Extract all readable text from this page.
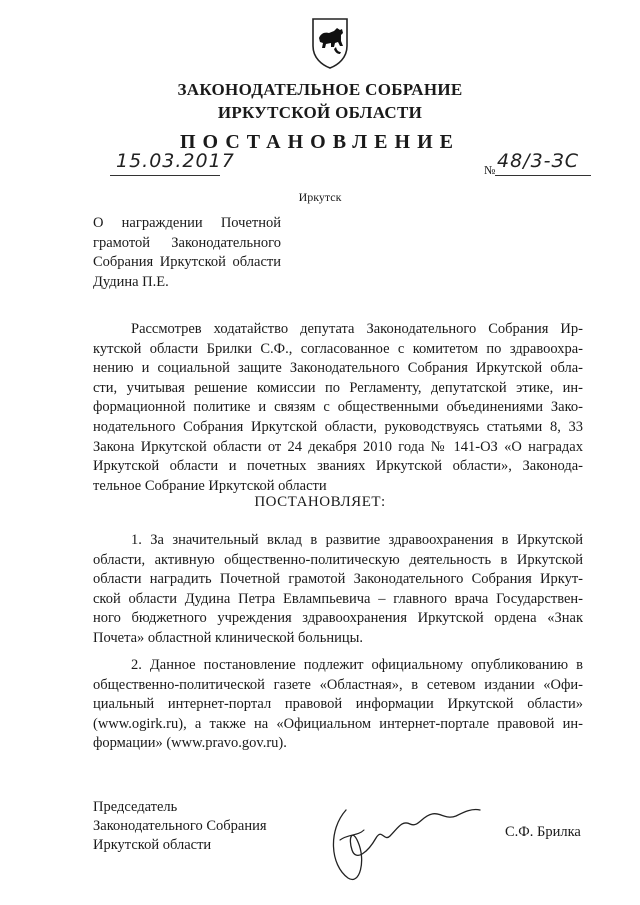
ЗАКОНОДАТЕЛЬНОЕ СОБРАНИЕ
ИРКУТСКОЙ ОБЛАСТИ
ПОСТАНОВЛЕНИЕ
15.03.2017	№ 48/3-ЗС
Иркутск
О награждении Почетной
грамотой Законодательного
Собрания Иркутской области
Дудина П.Е.
Рассмотрев ходатайство депутата Законодательного Собрания Ир-
кутской области Брилки С.Ф., согласованное с комитетом по здравоохра-
нению и социальной защите Законодательного Собрания Иркутской обла-
сти, учитывая решение комиссии по Регламенту, депутатской этике, ин-
формационной политике и связям с общественными объединениями Зако-
нодательного Собрания Иркутской области, руководствуясь статьями 8, 33
Закона Иркутской области от 24 декабря 2010 года № 141-ОЗ «О наградах
Иркутской области и почетных званиях Иркутской области», Законода-
тельное Собрание Иркутской области
ПОСТАНОВЛЯЕТ:
1. За значительный вклад в развитие здравоохранения в Иркутской
области, активную общественно-политическую деятельность в Иркутской
области наградить Почетной грамотой Законодательного Собрания Иркут-
ской области Дудина Петра Евлампьевича – главного врача Государствен-
ного бюджетного учреждения здравоохранения Иркутской ордена «Знак
Почета» областной клинической больницы.
2. Данное постановление подлежит официальному опубликованию в
общественно-политической газете «Областная», в сетевом издании «Офи-
циальный интернет-портал правовой информации Иркутской области»
(www.ogirk.ru), а также на «Официальном интернет-портале правовой ин-
формации» (www.pravo.gov.ru).
Председатель
Законодательного Собрания
Иркутской области
С.Ф. Брилка
